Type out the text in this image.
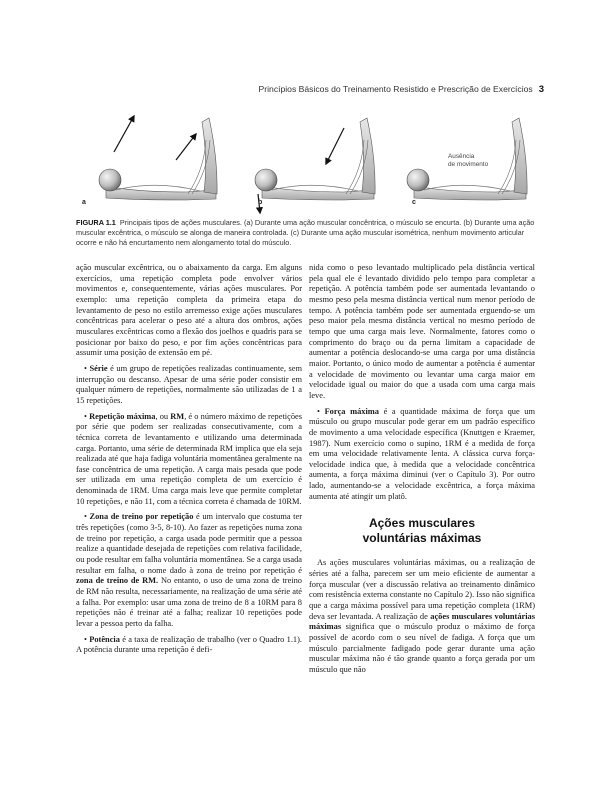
Princípios Básicos do Treinamento Resistido e Prescrição de Exercícios 3
a	b
Ausência de movimento
c
FIGURA 1.1 Principais tipos de ações musculares. (a) Durante uma ação muscular concêntrica, o músculo se encurta. (b) Durante uma ação muscular excêntrica, o músculo se alonga de maneira controlada. (c) Durante uma ação muscular isométrica, nenhum movimento articular ocorre e não há encurtamento nem alongamento total do músculo.

ação muscular excêntrica, ou o abaixamento da carga. Em alguns exercícios, uma repetição completa pode envolver vários movimentos e, consequentemente, várias ações musculares. Por exemplo: uma repetição completa da primeira etapa do levantamento de peso no estilo arremesso exige ações musculares concêntricas para acelerar o peso até a altura dos ombros, ações musculares excêntricas como a flexão dos joelhos e quadris para se posicionar por baixo do peso, e por fim ações concêntricas para assumir uma posição de extensão em pé.

• Série é um grupo de repetições realizadas continuamente, sem interrupção ou descanso. Apesar de uma série poder consistir em qualquer número de repetições, normalmente são utilizadas de 1 a 15 repetições.

• Repetição máxima, ou RM, é o número máximo de repetições por série que podem ser realizadas consecutivamente, com a técnica correta de levantamento e utilizando uma determinada carga. Portanto, uma série de determinada RM implica que ela seja realizada até que haja fadiga voluntária momentânea geralmente na fase concêntrica de uma repetição. A carga mais pesada que pode ser utilizada em uma repetição completa de um exercício é denominada de 1RM. Uma carga mais leve que permite completar 10 repetições, e não 11, com a técnica correta é chamada de 10RM.

• Zona de treino por repetição é um intervalo que costuma ter três repetições (como 3-5, 8-10). Ao fazer as repetições numa zona de treino por repetição, a carga usada pode permitir que a pessoa realize a quantidade desejada de repetições com relativa facilidade, ou pode resultar em falha voluntária momentânea. Se a carga usada resultar em falha, o nome dado à zona de treino por repetição é zona de treino de RM. No entanto, o uso de uma zona de treino de RM não resulta, necessariamente, na realização de uma série até a falha. Por exemplo: usar uma zona de treino de 8 a 10RM para 8 repetições não é treinar até a falha; realizar 10 repetições pode levar a pessoa perto da falha.

• Potência é a taxa de realização de trabalho (ver o Quadro 1.1). A potência durante uma repetição é defi-

nida como o peso levantado multiplicado pela distância vertical pela qual ele é levantado dividido pelo tempo para completar a repetição. A potência também pode ser aumentada levantando o mesmo peso pela mesma distância vertical num menor período de tempo. A potência também pode ser aumentada erguendo-se um peso maior pela mesma distância vertical no mesmo período de tempo que uma carga mais leve. Normalmente, fatores como o comprimento do braço ou da perna limitam a capacidade de aumentar a potência deslocando-se uma carga por uma distância maior. Portanto, o único modo de aumentar a potência é aumentar a velocidade de movimento ou levantar uma carga maior em velocidade igual ou maior do que a usada com uma carga mais leve.

• Força máxima é a quantidade máxima de força que um músculo ou grupo muscular pode gerar em um padrão específico de movimento a uma velocidade específica (Knuttgen e Kraemer, 1987). Num exercício como o supino, 1RM é a medida de força em uma velocidade relativamente lenta. A clássica curva força-velocidade indica que, à medida que a velocidade concêntrica aumenta, a força máxima diminui (ver o Capítulo 3). Por outro lado, aumentando-se a velocidade excêntrica, a força máxima aumenta até atingir um platô.

Ações musculares
voluntárias máximas

As ações musculares voluntárias máximas, ou a realização de séries até a falha, parecem ser um meio eficiente de aumentar a força muscular (ver a discussão relativa ao treinamento dinâmico com resistência externa constante no Capítulo 2). Isso não significa que a carga máxima possível para uma repetição completa (1RM) deva ser levantada. A realização de ações musculares voluntárias máximas significa que o músculo produz o máximo de força possível de acordo com o seu nível de fadiga. A força que um músculo parcialmente fadigado pode gerar durante uma ação muscular máxima não é tão grande quanto a força gerada por um músculo que não
